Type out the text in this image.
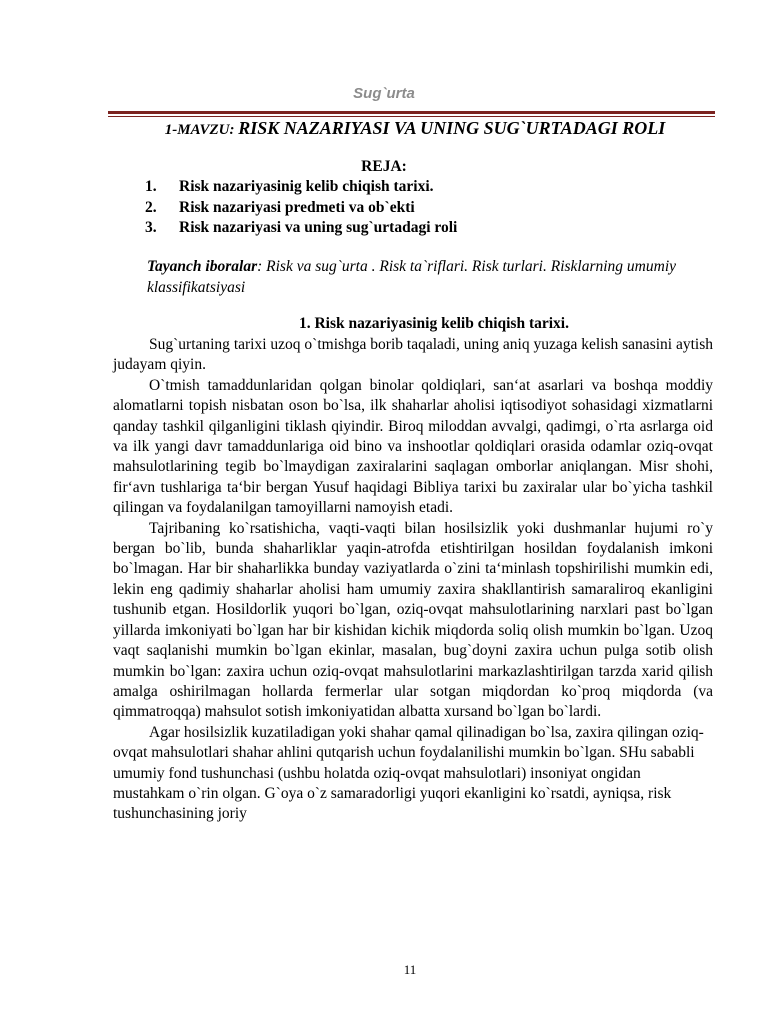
Sug`urta
1-MAVZU: RISK NAZARIYASI VA UNING SUG`URTADAGI ROLI
REJA:
1.	Risk nazariyasinig kelib chiqish tarixi.
2.	Risk nazariyasi predmeti va ob`ekti
3.	Risk nazariyasi va uning sug`urtadagi roli
Tayanch iboralar: Risk va sug`urta . Risk ta`riflari. Risk turlari. Risklarning umumiy klassifikatsiyasi
1. Risk nazariyasinig kelib chiqish tarixi.

Sug`urtaning tarixi uzoq o`tmishga borib taqaladi, uning aniq yuzaga kelish sanasini aytish judayam qiyin.

O`tmish tamaddunlaridan qolgan binolar qoldiqlari, san‘at asarlari va boshqa moddiy alomatlarni topish nisbatan oson bo`lsa, ilk shaharlar aholisi iqtisodiyot sohasidagi xizmatlarni qanday tashkil qilganligini tiklash qiyindir. Biroq miloddan avvalgi, qadimgi, o`rta asrlarga oid va ilk yangi davr tamaddunlariga oid bino va inshootlar qoldiqlari orasida odamlar oziq-ovqat mahsulotlarining tegib bo`lmaydigan zaxiralarini saqlagan omborlar aniqlangan. Misr shohi, fir‘avn tushlariga ta‘bir bergan Yusuf haqidagi Bibliya tarixi bu zaxiralar ular bo`yicha tashkil qilingan va foydalanilgan tamoyillarni namoyish etadi.

Tajribaning ko`rsatishicha, vaqti-vaqti bilan hosilsizlik yoki dushmanlar hujumi ro`y bergan bo`lib, bunda shaharliklar yaqin-atrofda etishtirilgan hosildan foydalanish imkoni bo`lmagan. Har bir shaharlikka bunday vaziyatlarda o`zini ta‘minlash topshirilishi mumkin edi, lekin eng qadimiy shaharlar aholisi ham umumiy zaxira shakllantirish samaraliroq ekanligini tushunib etgan. Hosildorlik yuqori bo`lgan, oziq-ovqat mahsulotlarining narxlari past bo`lgan yillarda imkoniyati bo`lgan har bir kishidan kichik miqdorda soliq olish mumkin bo`lgan. Uzoq vaqt saqlanishi mumkin bo`lgan ekinlar, masalan, bug`doyni zaxira uchun pulga sotib olish mumkin bo`lgan: zaxira uchun oziq-ovqat mahsulotlarini markazlashtirilgan tarzda xarid qilish amalga oshirilmagan hollarda fermerlar ular sotgan miqdordan ko`proq miqdorda (va qimmatroqqa) mahsulot sotish imkoniyatidan albatta xursand bo`lgan bo`lardi.

Agar hosilsizlik kuzatiladigan yoki shahar qamal qilinadigan bo`lsa, zaxira qilingan oziq-ovqat mahsulotlari shahar ahlini qutqarish uchun foydalanilishi mumkin bo`lgan. SHu sababli umumiy fond tushunchasi (ushbu holatda oziq-ovqat mahsulotlari) insoniyat ongidan mustahkam o`rin olgan. G`oya o`z samaradorligi yuqori ekanligini ko`rsatdi, ayniqsa, risk tushunchasining joriy

11
